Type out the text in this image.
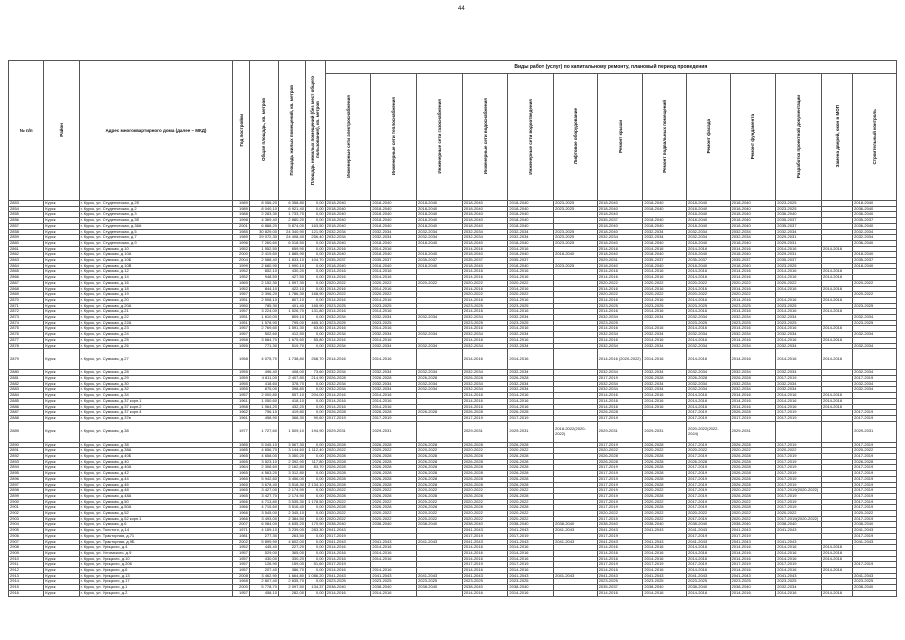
44
№ п/п	Район	Адрес многоквартирного дома (далее – МКД)	Год постройки	Общая площадь, кв. метров	Площадь жилых помещений, кв. метров	Площадь нежилых помещений (без мест общего пользования), кв. метров	Виды работ (услуг) по капитальному ремонту, плановый период проведения												
							Инженерные сети электроснабжения	Инженерные сети теплоснабжения	Инженерные сети газоснабжения	Инженерные сети водоснабжения	Инженерные сети водоотведения	Лифтовое оборудование	Ремонт крыши	Ремонт подвальных помещений	Ремонт фасада	Ремонт фундамента	Разработка проектной документации	Замена дверей, окон в МОП	Строительный контроль
2853	Курск	г. Курск, ул. Студенческая, д.2б	1989	8 056,20	6 358,80	0,00	2018-2040	2018-2040	2018-2040	2018-2040	2018-2040	2023-2025	2018-2040	2018-2040	2018-2040	2018-2040	2023-2025		2018-2040
2854	Курск	г. Курск, ул. Студенческая, д.2	1989	8 040,10	6 921,40	0,00	2018-2040	2018-2040	2018-2040	2018-2040	2018-2040	2023-2025	2018-2040	2018-2040	2018-2040	2018-2040	2023-2025		2036-2040
2855	Курск	г. Курск, ул. Студенческая, д.3	1988	2 283,30	1 733,70	0,00	2018-2040	2018-2040	2018-2040	2018-2040	2018-2040		2018-2040		2018-2040	2018-2040	2036-2040		2036-2040
2856	Курск	г. Курск, ул. Студенческая, д.3б	1998	4 369,40	2 880,20	0,00	2018-2040	2018-2040	2018-2040	2018-2040	2018-2040		2035-2037	2018-2040	2018-2040	2018-2040	2035-2037		2035-2037
2857	Курск	г. Курск, ул. Студенческая, д.36А	2001	6 888,20	5 874,00	163,50	2018-2040	2018-2040	2018-2040	2018-2040	2018-2040		2018-2040	2018-2040	2018-2040	2018-2040	2035-2037		2036-2040
2858	Курск	г. Курск, ул. Студенческая, д.5	1985	30 829,00	24 340,90	121,90	2032-2034	2032-2034	2032-2034	2032-2034	2032-2034	2023-2025	2018-2040	2032-2034	2032-2034	2032-2034	2032-2034		2032-2034
2859	Курск	г. Курск, ул. Студенческая, д.7	1989	29 072,30	24 408,40	256,40	2032-2034	2032-2034	2032-2034	2032-2034	2032-2034	2023-2025	2032-2034	2032-2034	2032-2034	2032-2034	2029-2031		2032-2034
2860	Курск	г. Курск, ул. Студенческая, д.9	1996	7 260,60	6 018,50	0,00	2018-2040	2018-2040	2018-2040	2018-2040	2018-2040	2023-2025	2018-2040	2018-2040	2018-2040	2018-2040	2029-2031		2036-2040
2861	Курск	г. Курск, ул. Сумская, д.10	1952	1 552,50	659,90	0,00	2014-2016	2014-2016		2014-2016	2014-2016		2014-2016	2014-2016	2014-2016	2014-2016	2014-2016	2014-2016	
2862	Курск	г. Курск, ул. Сумская, д.10А	2000	2 419,60	1 885,90	0,00	2018-2040	2018-2040	2018-2040	2018-2040	2018-2040	2018-2040	2018-2040	2018-2040	2018-2040	2018-2040	2029-2031		2018-2040
2863	Курск	г. Курск, ул. Сумская, д.10Б	2004	2 588,40	1 833,10	104,70	2035-2037	2035-2037	2035-2037	2035-2037	2035-2037		2029-2031	2035-2037	2035-2037	2035-2037	2035-2037		2035-2037
2864	Курск	г. Курск, ул. Сумская, д.10В	1999	2 680,90	1 990,10	0,00	2018-2040	2018-2040	2018-2040	2018-2040	2018-2040	2023-2025	2018-2040	2018-2040	2018-2040	2018-2040	2023-2025		2018-2040
2865	Курск	г. Курск, ул. Сумская, д.12	1952	852,10	430,20	0,00	2014-2016	2014-2016		2014-2016	2014-2016		2014-2016	2014-2016	2014-2016	2014-2016	2014-2016	2014-2016	
2866	Курск	г. Курск, ул. Сумская, д.14	1952	948,50	427,50	0,00	2014-2016	2014-2016		2014-2016	2014-2016		2014-2016	2014-2016	2014-2016	2014-2016	2014-2016	2014-2016	
2867	Курск	г. Курск, ул. Сумская, д.16	1965	2 152,30	1 597,30	0,00	2020-2022	2020-2022	2020-2022	2020-2022	2020-2022		2020-2022	2020-2022	2020-2022	2020-2022	2020-2022		2020-2022
2868	Курск	г. Курск, ул. Сумская, д.18	1952	844,10	422,10	0,00	2014-2016	2014-2016		2014-2016	2014-2016		2014-2016	2014-2016	2014-2016	2014-2016	2014-2016	2014-2016	
2869	Курск	г. Курск, ул. Сумская, д.19	1957	2 396,20	1 786,30	168,90	2020-2022	2020-2022		2020-2022	2020-2022		2020-2022	2020-2022	2020-2022	2020-2022			2020-2022
2870	Курск	г. Курск, ул. Сумская, д.20	1951	2 508,10	807,10	0,00	2014-2016	2014-2016		2014-2016	2014-2016		2014-2016	2014-2016	2014-2016	2014-2016	2014-2016	2014-2016	
2871	Курск	г. Курск, ул. Сумская, д.20А	1950	785,30	401,40	165,90	2023-2025	2023-2025		2023-2025	2023-2025		2023-2025	2023-2025	2023-2025	2023-2025	2023-2025		2023-2025
2872	Курск	г. Курск, ул. Сумская, д.21	1957	3 224,00	1 526,70	131,80	2014-2016	2014-2016		2014-2016	2014-2016		2014-2016	2014-2016	2014-2016	2014-2016	2014-2016	2014-2016	
2873	Курск	г. Курск, ул. Сумская, д.22	1951	1 610,00	809,10	0,00	2032-2034	2032-2034	2032-2034	2032-2034	2032-2034		2032-2034	2032-2034	2032-2034	2032-2034	2032-2034		2032-2034
2874	Курск	г. Курск, ул. Сумская, д.22А	1951	1 578,90	795,00	465,10	2023-2025	2023-2025		2023-2025	2023-2025		2023-2025		2023-2025	2023-2025	2023-2025		2023-2025
2875	Курск	г. Курск, ул. Сумская, д.23	1957	2 769,60	1 591,30	63,60	2014-2016	2014-2016		2014-2016	2014-2016		2014-2016	2014-2016	2014-2016	2014-2016	2014-2016	2014-2016	
2876	Курск	г. Курск, ул. Сумская, д.24	1957	502,60	412,50	0,00	2032-2034	2032-2034	2032-2034	2032-2034	2032-2034		2032-2034	2032-2034	2032-2034	2032-2034	2032-2034		2032-2034
2877	Курск	г. Курск, ул. Сумская, д.25	1958	3 684,70	1 675,60	55,80	2014-2016	2014-2016		2014-2016	2014-2016		2014-2016	2014-2016	2014-2016	2014-2016	2014-2016	2014-2016	
2878	Курск	г. Курск, ул. Сумская, д.26	1955	771,30	519,70	0,00	2032-2034	2032-2034	2032-2034	2032-2034	2032-2034		2032-2034	2032-2034	2032-2034	2032-2034	2032-2034		2032-2034
2879	Курск	г. Курск, ул. Сумская, д.27	1958	4 075,70	1 738,80	268,70	2014-2016	2014-2016		2014-2016	2014-2016		2014-2016 (2020-2022)	2014-2016	2014-2016	2014-2016	2014-2016	2014-2016	
2880	Курск	г. Курск, ул. Сумская, д.28	1955	496,40	408,00	73,60	2032-2034	2032-2034	2032-2034	2032-2034	2032-2034		2032-2034	2032-2034	2032-2034	2032-2034	2032-2034		2032-2034
2881	Курск	г. Курск, ул. Сумская, д.29	1959	4 811,00	2 407,80	214,90	2026-2028	2026-2028	2026-2028	2026-2028	2026-2028		2017-2019	2026-2028	2026-2028	2026-2028	2017-2019		2017-2019
2882	Курск	г. Курск, ул. Сумская, д.30	1955	418,60	378,70	0,00	2032-2034	2032-2034	2032-2034	2032-2034	2032-2034		2032-2034	2032-2034	2032-2034	2032-2034	2032-2034		2032-2034
2883	Курск	г. Курск, ул. Сумская, д.32	1955	875,00	398,80	0,00	2032-2034	2032-2034	2032-2034	2032-2034	2032-2034		2032-2034	2032-2034	2032-2034	2032-2034	2032-2034		2032-2034
2884	Курск	г. Курск, ул. Сумская, д.34	1957	2 000,80	557,10	204,00	2014-2016	2014-2016		2014-2016	2014-2016		2014-2016	2014-2016	2014-2016	2014-2016	2014-2016	2014-2016	
2885	Курск	г. Курск, ул. Сумская, д.37 корп.1	1961	1 050,60	418,10	0,00	2014-2016	2014-2016		2014-2016	2014-2016		2014-2016	2014-2016	2014-2016	2014-2016	2014-2016	2014-2016	
2886	Курск	г. Курск, ул. Сумская, д.37 корп.2	1958	1 064,20	432,20	0,00	2014-2016	2014-2016		2014-2016	2014-2016		2014-2016	2014-2016	2014-2016	2014-2016	2014-2016	2014-2016	
2887	Курск	г. Курск, ул. Сумская, д.37 корп.4	1962	756,10	419,80	0,00	2026-2028	2026-2028	2026-2028	2026-2028	2026-2028		2026-2028		2017-2019	2026-2028	2017-2019		2017-2019
2888	Курск	г. Курск, ул. Сумская, д.37в	1961	458,90	368,30	90,60	2017-2019	2017-2019		2017-2019	2017-2019		2017-2019		2017-2019	2017-2019	2017-2019		2017-2019
2889	Курск	г. Курск, ул. Сумская, д.38	1977	1 727,60	1 509,10	194,90	2029-2031	2029-2031		2029-2031	2029-2031	2018-2022(2020-2022)	2029-2031	2029-2031	2020-2022(2022-2024)	2029-2031			2029-2031
2890	Курск	г. Курск, ул. Сумская, д.38	1985	5 045,10	3 567,30	0,00	2026-2028	2026-2028	2026-2028	2026-2028	2026-2028		2017-2019	2026-2028	2017-2019	2026-2028	2017-2019		2017-2019
2891	Курск	г. Курск, ул. Сумская, д.38А	1985	4 656,70	3 144,60	1 112,40	2020-2022	2020-2022	2020-2022	2020-2022	2020-2022		2020-2022	2020-2022	2020-2022	2020-2022	2020-2022		2020-2022
2892	Курск	г. Курск, ул. Сумская, д.40Б	1965	4 658,00	3 350,20	0,00	2026-2028	2026-2028	2026-2028	2026-2028	2026-2028		2026-2028	2026-2028	2017-2019	2026-2028	2017-2019		2017-2019
2893	Курск	г. Курск, ул. Сумская, д.40	1965	3 523,10	2 392,90	117,80	2026-2028	2026-2028	2026-2028	2026-2028	2026-2028		2026-2028	2026-2028	2026-2028	2026-2028	2017-2019		2026-2028
2894	Курск	г. Курск, ул. Сумская, д.40А	1964	2 308,60	2 162,80	83,70	2026-2028	2026-2028	2026-2028	2026-2028	2026-2028		2017-2019	2026-2028	2017-2019	2026-2028	2017-2019		2017-2019
2895	Курск	г. Курск, ул. Сумская, д.42	1965	4 563,20	3 312,80	0,00	2026-2028	2026-2028	2026-2028	2026-2028	2026-2028		2017-2019	2026-2028	2017-2019	2026-2028	2017-2019		2017-2019
2896	Курск	г. Курск, ул. Сумская, д.44	1965	5 942,60	3 456,00	0,00	2026-2028	2026-2028	2026-2028	2026-2028	2026-2028		2017-2019	2026-2028	2017-2019	2026-2028	2017-2019		2017-2019
2897	Курск	г. Курск, ул. Сумская, д.46	1965	3 678,40	3 518,30	2 134,10	2026-2028	2026-2028	2026-2028	2026-2028	2026-2028		2017-2019	2026-2028	2017-2019	2026-2028	2017-2019		2017-2019
2898	Курск	г. Курск, ул. Сумская, д.48	1965	3 427,00	2 174,90	0,00	2020-2022	2020-2022	2020-2022	2020-2022	2020-2022		2017-2019	2020-2022	2017-2019	2020-2022	2017-2019(2020-2022)		2017-2019
2899	Курск	г. Курск, ул. Сумская, д.48А	1965	3 427,70	2 174,90	0,00	2026-2028	2026-2028	2026-2028	2026-2028	2026-2028		2017-2019	2026-2028	2017-2019	2026-2028	2017-2019		2017-2019
2900	Курск	г. Курск, ул. Сумская, д.50	1966	4 713,80	3 535,30	1 178,50	2020-2022	2020-2022	2020-2022	2020-2022	2020-2022		2017-2019	2020-2022	2017-2019	2020-2022	2017-2019		2017-2019
2901	Курск	г. Курск, ул. Сумская, д.50А	1966	4 715,60	3 516,40	0,00	2026-2028	2026-2028	2026-2028	2026-2028	2026-2028		2017-2019	2026-2028	2017-2019	2026-2028	2017-2019		2017-2019
2902	Курск	г. Курск, ул. Сумская, д.52	1966	3 545,00	2 345,10	0,00	2020-2022	2020-2022	2020-2022	2020-2022	2020-2022		2020-2022	2020-2022	2020-2022	2020-2022	2020-2022		2020-2022
2903	Курск	г. Курск, ул. Сумская, д.52 корп.1	1966	3 493,00	2 384,50	0,00	2020-2022	2020-2022	2020-2022	2020-2022	2020-2022		2017-2019	2020-2022	2017-2019	2020-2022	2017-2019(2020-2022)		2017-2019
2904	Курск	г. Курск, ул. Сумская, д.6	2007	6 084,00	4 635,20	170,90	2038-2040	2038-2040	2038-2040	2038-2040	2038-2040	2038-2040	2038-2040	2038-2040	2038-2040	2038-2040	2038-2040		2038-2040
2905	Курск	г. Курск, ул. Толстого, д.14	1971	4 159,10	3 239,00	283,30	2041-2043			2041-2043	2041-2043	2041-2043	2041-2043	2041-2043	2041-2043	2041-2043	2041-2043		2041-2043
2906	Курск	г. Курск, ул. Тракторная, д.71	1981	277,30	263,50	0,00	2017-2019			2017-2019	2017-2019		2017-2019		2017-2019	2017-2019			2017-2019
2907	Курск	г. Курск, ул. Тракторная, д.9Б	2002	5 899,90	4 602,00	0,00	2041-2043	2041-2043	2041-2043	2041-2043	2041-2043	2041-2043	2041-2043	2041-2043	2041-2043	2041-2043	2041-2043		2041-2043
2908	Курск	г. Курск, ул. Урицкого, д.4	1952	445,40	227,20	0,00	2014-2016	2014-2016		2014-2016	2014-2016		2014-2016	2014-2016	2014-2016	2014-2016	2014-2016	2014-2016	
2909	Курск	г. Курск, ул. Ухтомского, д.9	1957	529,00	365,00	0,00	2014-2016	2014-2016		2014-2016	2014-2016		2014-2016	2014-2016	2014-2016	2014-2016	2014-2016	2014-2016	
2910	Курск	г. Курск, ул. Урицкого, д.10	1957	430,00	330,20	0,00	2014-2016	2014-2016		2014-2016	2014-2016		2014-2016	2014-2016	2014-2016	2014-2016	2014-2016	2014-2016	
2911	Курск	г. Курск, ул. Урицкого, д.206	1957	126,90	159,00	51,60	2017-2019			2017-2019	2017-2019		2017-2019	2017-2019	2017-2019	2017-2019	2017-2019		2017-2019
2912	Курск	г. Курск, ул. Урицкого, д.6	1957	207,40	386,70	0,00	2014-2016	2014-2016		2014-2016	2014-2016		2014-2016	2014-2016	2014-2016	2014-2016	2014-2016	2014-2016	
2913	Курск	г. Курск, ул. Урицкого, д.13	2008	3 462,90	1 664,80	1 086,20	2041-2043	2041-2043	2041-2043	2041-2043	2041-2043	2041-2043	2041-2043	2041-2043	2041-2043	2041-2043	2041-2043		2041-2043
2914	Курск	г. Курск, ул. Урицкого, д.17	1968	2 807,40	2 835,70	0,00	2023-2025	2023-2025	2023-2025	2023-2025	2023-2025		2023-2025	2023-2025	2023-2025	2023-2025	2023-2025		2023-2025
2915	Курск	г. Курск, ул. Урицкого, д.1	2000	5 778,70	2 097,50	134,37	2038-2040	2038-2040	2038-2040	2038-2040	2038-2040		2035-2037	2038-2040	2038-2040	2038-2040	2032-2034		2038-2040
2916	Курск	г. Курск, ул. Урицкого, д.2	1957	458,10	282,00	0,00	2014-2016	2014-2016		2014-2016	2014-2016		2014-2016	2014-2016	2014-2016	2014-2016	2014-2016	2014-2016	
